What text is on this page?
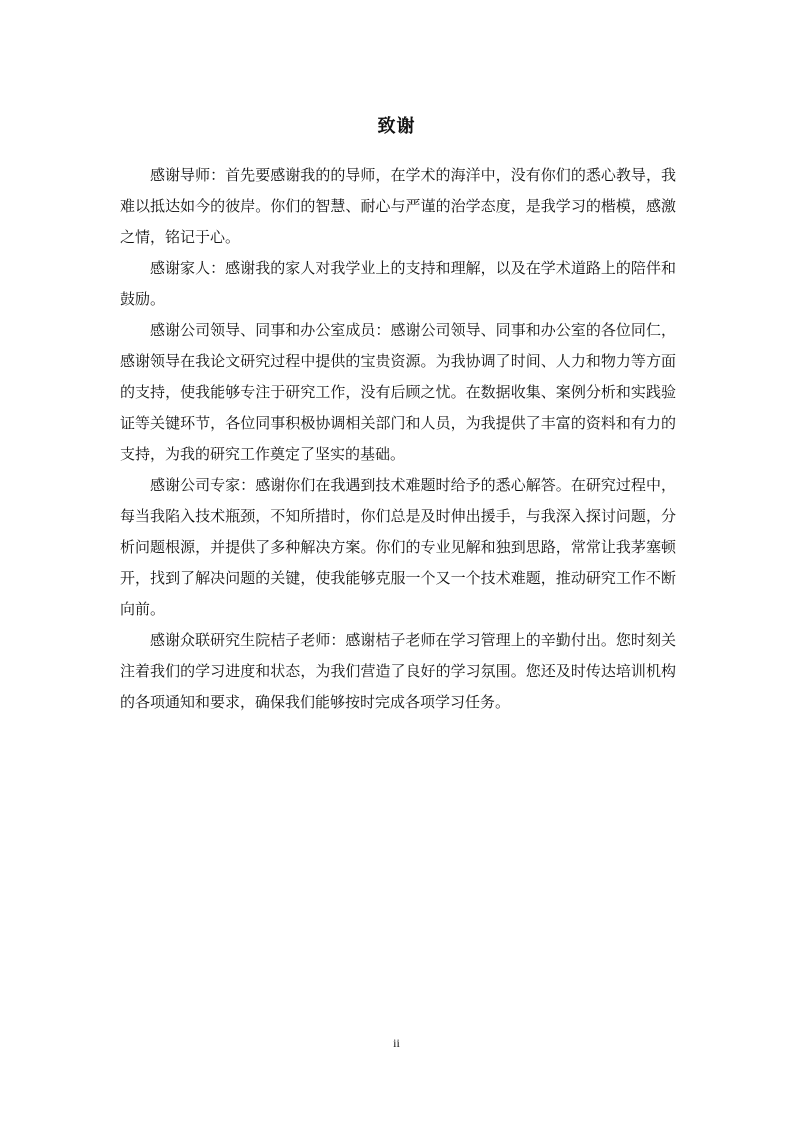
致谢

感谢导师：首先要感谢我的的导师，在学术的海洋中，没有你们的悉心教导，我难以抵达如今的彼岸。你们的智慧、耐心与严谨的治学态度，是我学习的楷模，感激之情，铭记于心。

感谢家人：感谢我的家人对我学业上的支持和理解，以及在学术道路上的陪伴和鼓励。

感谢公司领导、同事和办公室成员：感谢公司领导、同事和办公室的各位同仁，感谢领导在我论文研究过程中提供的宝贵资源。为我协调了时间、人力和物力等方面的支持，使我能够专注于研究工作，没有后顾之忧。在数据收集、案例分析和实践验证等关键环节，各位同事积极协调相关部门和人员，为我提供了丰富的资料和有力的支持，为我的研究工作奠定了坚实的基础。

感谢公司专家：感谢你们在我遇到技术难题时给予的悉心解答。在研究过程中，每当我陷入技术瓶颈，不知所措时，你们总是及时伸出援手，与我深入探讨问题，分析问题根源，并提供了多种解决方案。你们的专业见解和独到思路，常常让我茅塞顿开，找到了解决问题的关键，使我能够克服一个又一个技术难题，推动研究工作不断向前。

感谢众联研究生院桔子老师：感谢桔子老师在学习管理上的辛勤付出。您时刻关注着我们的学习进度和状态，为我们营造了良好的学习氛围。您还及时传达培训机构的各项通知和要求，确保我们能够按时完成各项学习任务。

ii
